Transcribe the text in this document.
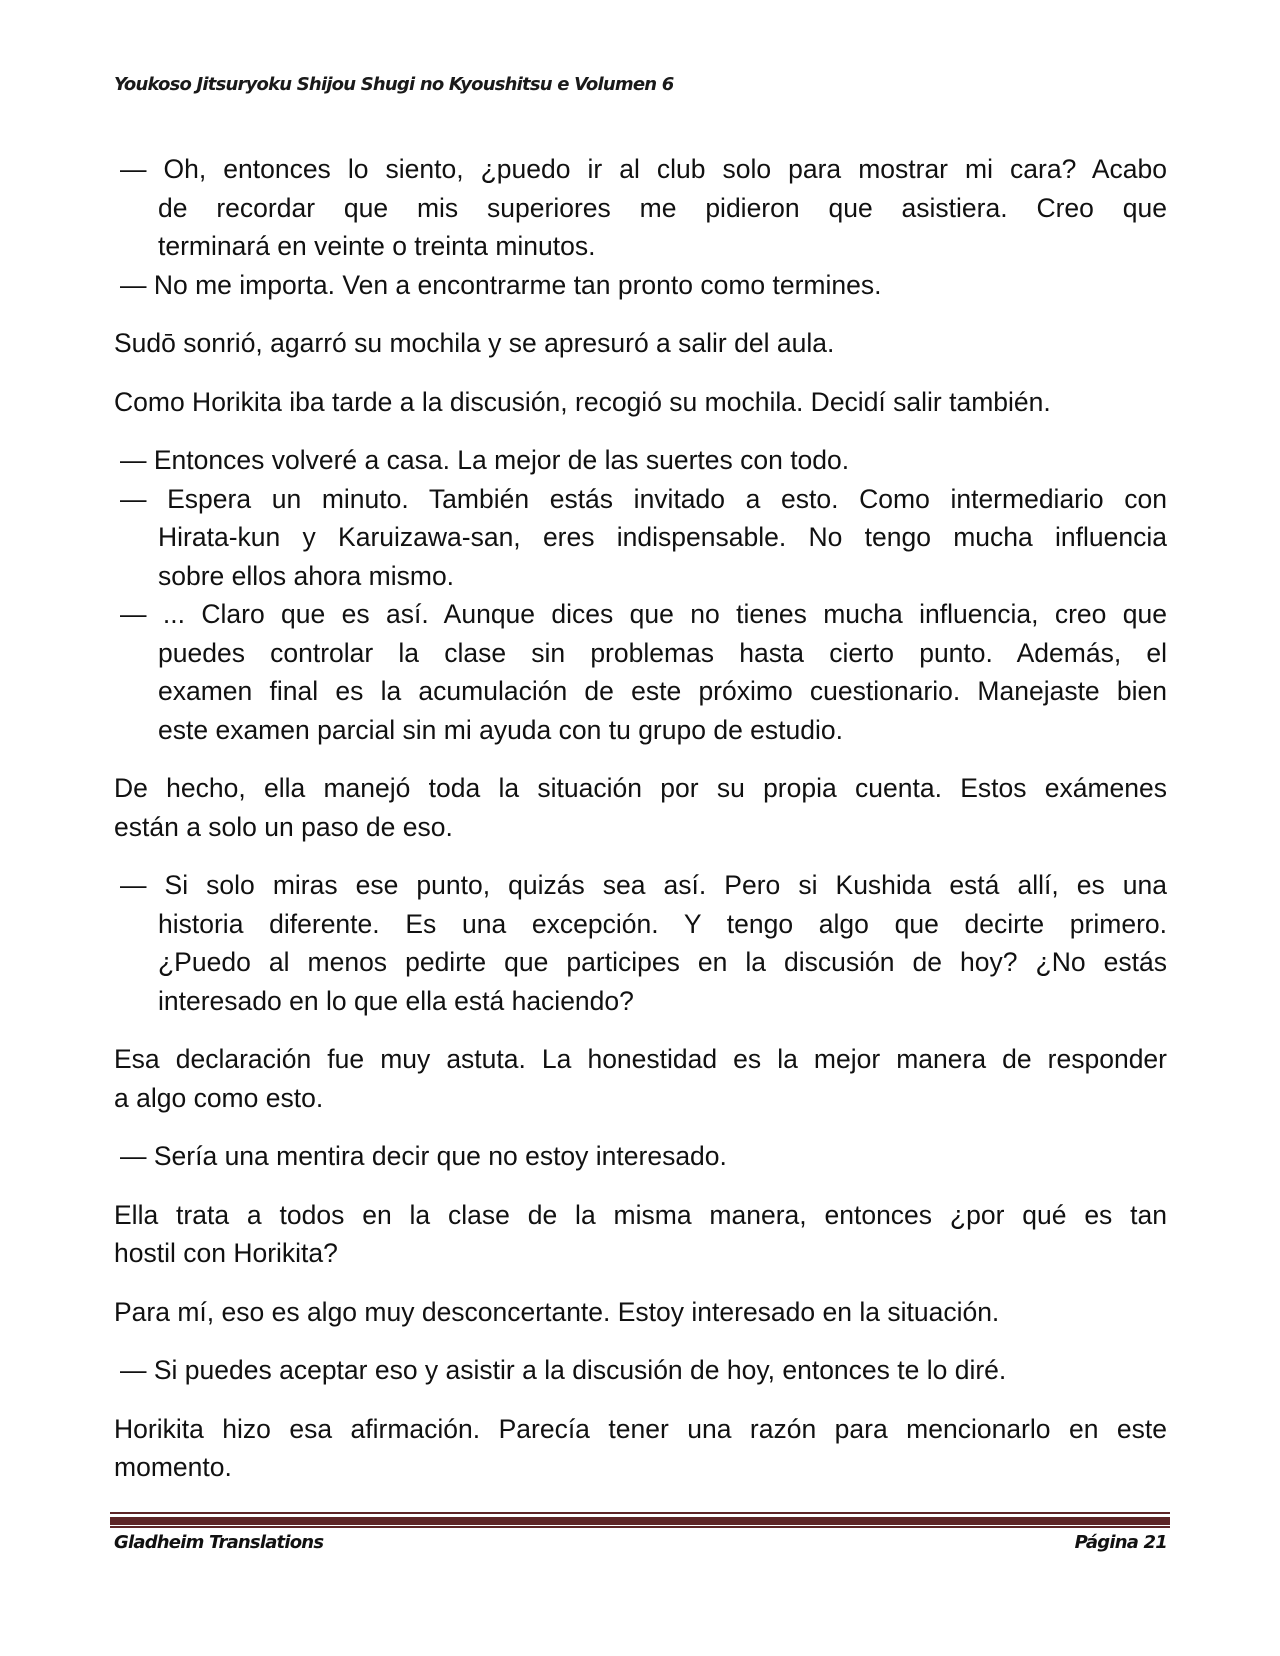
Youkoso Jitsuryoku Shijou Shugi no Kyoushitsu e Volumen 6
— Oh, entonces lo siento, ¿puedo ir al club solo para mostrar mi cara? Acabo
de recordar que mis superiores me pidieron que asistiera. Creo que
terminará en veinte o treinta minutos.
— No me importa. Ven a encontrarme tan pronto como termines.
Sudō sonrió, agarró su mochila y se apresuró a salir del aula.
Como Horikita iba tarde a la discusión, recogió su mochila. Decidí salir también.
— Entonces volveré a casa. La mejor de las suertes con todo.
— Espera un minuto. También estás invitado a esto. Como intermediario con
Hirata-kun y Karuizawa-san, eres indispensable. No tengo mucha influencia
sobre ellos ahora mismo.
— ... Claro que es así. Aunque dices que no tienes mucha influencia, creo que
puedes controlar la clase sin problemas hasta cierto punto. Además, el
examen final es la acumulación de este próximo cuestionario. Manejaste bien
este examen parcial sin mi ayuda con tu grupo de estudio.
De hecho, ella manejó toda la situación por su propia cuenta. Estos exámenes
están a solo un paso de eso.
— Si solo miras ese punto, quizás sea así. Pero si Kushida está allí, es una
historia diferente. Es una excepción. Y tengo algo que decirte primero.
¿Puedo al menos pedirte que participes en la discusión de hoy? ¿No estás
interesado en lo que ella está haciendo?
Esa declaración fue muy astuta. La honestidad es la mejor manera de responder
a algo como esto.
— Sería una mentira decir que no estoy interesado.
Ella trata a todos en la clase de la misma manera, entonces ¿por qué es tan
hostil con Horikita?
Para mí, eso es algo muy desconcertante. Estoy interesado en la situación.
— Si puedes aceptar eso y asistir a la discusión de hoy, entonces te lo diré.
Horikita hizo esa afirmación. Parecía tener una razón para mencionarlo en este
momento.
Gladheim Translations	Página 21
